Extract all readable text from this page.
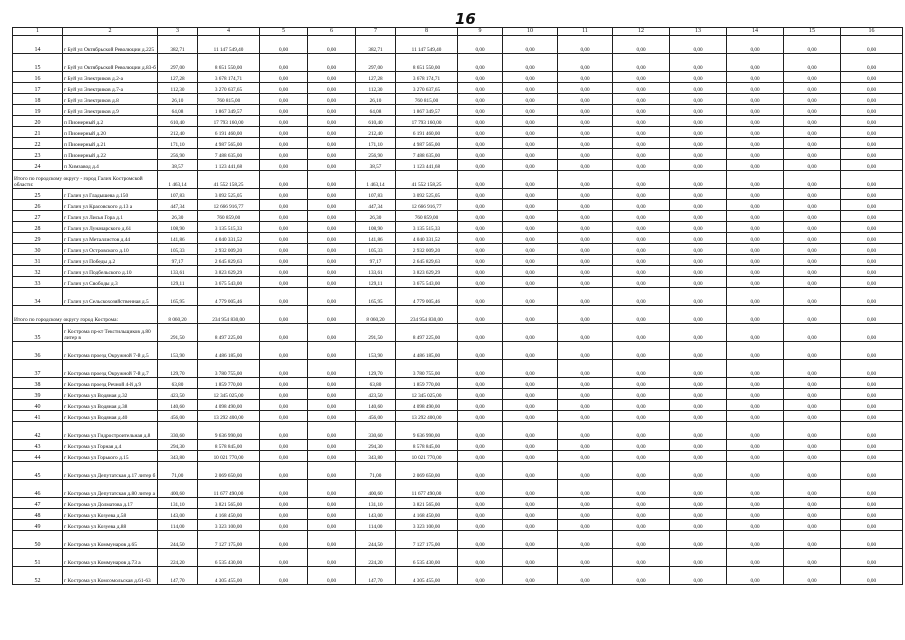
16
1	2	3	4	5	6	7	8	9	10	11	12	13	14	15	16
14	г Буй ул Октябрьской Революции д.225	382,71	11 147 549,40	0,00	0,00	382,71	11 147 549,40	0,00	0,00	0,00	0,00	0,00	0,00	0,00	0,00
15	г Буй ул Октябрьской Революции д.83-б	297,00	8 651 550,00	0,00	0,00	297,00	8 651 550,00	0,00	0,00	0,00	0,00	0,00	0,00	0,00	0,00
16	г Буй ул Электриков д.2-а	127,28	3 678 174,71	0,00	0,00	127,28	3 678 174,71	0,00	0,00	0,00	0,00	0,00	0,00	0,00	0,00
17	г Буй ул Электриков д.7-а	112,30	3 270 637,65	0,00	0,00	112,30	3 270 637,65	0,00	0,00	0,00	0,00	0,00	0,00	0,00	0,00
18	г Буй ул Электриков д.8	26,10	760 815,00	0,00	0,00	26,10	760 815,00	0,00	0,00	0,00	0,00	0,00	0,00	0,00	0,00
19	г Буй ул Электриков д.9	64,08	1 867 349,57	0,00	0,00	64,08	1 867 349,57	0,00	0,00	0,00	0,00	0,00	0,00	0,00	0,00
20	п Пионерный д.2	610,40	17 793 160,00	0,00	0,00	610,40	17 793 160,00	0,00	0,00	0,00	0,00	0,00	0,00	0,00	0,00
21	п Пионерный д.20	212,40	6 191 460,00	0,00	0,00	212,40	6 191 460,00	0,00	0,00	0,00	0,00	0,00	0,00	0,00	0,00
22	п Пионерный д.21	171,10	4 987 565,00	0,00	0,00	171,10	4 987 565,00	0,00	0,00	0,00	0,00	0,00	0,00	0,00	0,00
23	п Пионерный д.22	256,90	7 488 635,00	0,00	0,00	256,90	7 488 635,00	0,00	0,00	0,00	0,00	0,00	0,00	0,00	0,00
24	п Химзавод д.4	38,57	1 123 441,68	0,00	0,00	38,57	1 123 441,68	0,00	0,00	0,00	0,00	0,00	0,00	0,00	0,00
Итого по городскому округу - город Галич Костромской области:		1 463,14	41 552 158,25	0,00	0,00	1 463,14	41 552 158,25	0,00	0,00	0,00	0,00	0,00	0,00	0,00	0,00
25	г Галич ул Гладышева д.150	107,83	3 092 525,05	0,00	0,00	107,83	3 092 525,05	0,00	0,00	0,00	0,00	0,00	0,00	0,00	0,00
26	г Галич ул Красовского д.13 а	447,34	12 666 916,77	0,00	0,00	447,34	12 666 916,77	0,00	0,00	0,00	0,00	0,00	0,00	0,00	0,00
27	г Галич ул Лисья Гора д.1	26,30	760 859,00	0,00	0,00	26,30	760 859,00	0,00	0,00	0,00	0,00	0,00	0,00	0,00	0,00
28	г Галич ул Луначарского д.61	108,90	3 135 515,33	0,00	0,00	108,90	3 135 515,33	0,00	0,00	0,00	0,00	0,00	0,00	0,00	0,00
29	г Галич ул Металлистов д.44	141,86	4 040 331,52	0,00	0,00	141,86	4 040 331,52	0,00	0,00	0,00	0,00	0,00	0,00	0,00	0,00
30	г Галич ул Островского д.10	105,33	2 932 009,20	0,00	0,00	105,33	2 932 009,20	0,00	0,00	0,00	0,00	0,00	0,00	0,00	0,00
31	г Галич ул Победы д.2	97,17	2 645 829,63	0,00	0,00	97,17	2 645 829,63	0,00	0,00	0,00	0,00	0,00	0,00	0,00	0,00
32	г Галич ул Подбельского д.10	133,61	3 823 629,29	0,00	0,00	133,61	3 823 629,29	0,00	0,00	0,00	0,00	0,00	0,00	0,00	0,00
33	г Галич ул Свободы д.3	129,11	3 675 543,00	0,00	0,00	129,11	3 675 543,00	0,00	0,00	0,00	0,00	0,00	0,00	0,00	0,00
34	г Галич ул Сельскохозяйственная д.5	165,95	4 779 005,46	0,00	0,00	165,95	4 779 005,46	0,00	0,00	0,00	0,00	0,00	0,00	0,00	0,00
Итого по городскому округу город Кострома:		8 060,20	234 954 830,00	0,00	0,00	8 060,20	234 954 830,00	0,00	0,00	0,00	0,00	0,00	0,00	0,00	0,00
35	г Кострома пр-кт Текстильщиков д.80 литер в	291,50	8 497 225,00	0,00	0,00	291,50	8 497 225,00	0,00	0,00	0,00	0,00	0,00	0,00	0,00	0,00
36	г Кострома проезд Окружной 7-й д.5	153,90	4 486 185,00	0,00	0,00	153,90	4 486 185,00	0,00	0,00	0,00	0,00	0,00	0,00	0,00	0,00
37	г Кострома проезд Окружной 7-й д.7	129,70	3 780 755,00	0,00	0,00	129,70	3 780 755,00	0,00	0,00	0,00	0,00	0,00	0,00	0,00	0,00
38	г Кострома проезд Речной 4-й д.9	63,80	1 859 770,00	0,00	0,00	63,80	1 859 770,00	0,00	0,00	0,00	0,00	0,00	0,00	0,00	0,00
39	г Кострома ул Водяная д.32	423,50	12 345 025,00	0,00	0,00	423,50	12 345 025,00	0,00	0,00	0,00	0,00	0,00	0,00	0,00	0,00
40	г Кострома ул Водяная д.38	140,60	4 098 490,00	0,00	0,00	140,60	4 098 490,00	0,00	0,00	0,00	0,00	0,00	0,00	0,00	0,00
41	г Кострома ул Водяная д.40	456,00	13 292 400,00	0,00	0,00	456,00	13 292 400,00	0,00	0,00	0,00	0,00	0,00	0,00	0,00	0,00
42	г Кострома ул Гидростроительная д.8	330,60	9 636 990,00	0,00	0,00	330,60	9 636 990,00	0,00	0,00	0,00	0,00	0,00	0,00	0,00	0,00
43	г Кострома ул Горная д.4	294,30	8 578 845,00	0,00	0,00	294,30	8 578 845,00	0,00	0,00	0,00	0,00	0,00	0,00	0,00	0,00
44	г Кострома ул Горького д.15	343,80	10 021 770,00	0,00	0,00	343,80	10 021 770,00	0,00	0,00	0,00	0,00	0,00	0,00	0,00	0,00
45	г Кострома ул Депутатская д.17 литер б	71,00	2 069 650,00	0,00	0,00	71,00	2 069 650,00	0,00	0,00	0,00	0,00	0,00	0,00	0,00	0,00
46	г Кострома ул Депутатская д.80 литер а	400,60	11 677 490,00	0,00	0,00	400,60	11 677 490,00	0,00	0,00	0,00	0,00	0,00	0,00	0,00	0,00
47	г Кострома ул Долматова д.17	131,10	3 821 565,00	0,00	0,00	131,10	3 821 565,00	0,00	0,00	0,00	0,00	0,00	0,00	0,00	0,00
48	г Кострома ул Козуева д.58	143,00	4 168 450,00	0,00	0,00	143,00	4 168 450,00	0,00	0,00	0,00	0,00	0,00	0,00	0,00	0,00
49	г Кострома ул Козуева д.88	114,00	3 323 100,00	0,00	0,00	114,00	3 323 100,00	0,00	0,00	0,00	0,00	0,00	0,00	0,00	0,00
50	г Кострома ул Коммунаров д.65	244,50	7 127 175,00	0,00	0,00	244,50	7 127 175,00	0,00	0,00	0,00	0,00	0,00	0,00	0,00	0,00
51	г Кострома ул Коммунаров д.73 а	224,20	6 535 430,00	0,00	0,00	224,20	6 535 430,00	0,00	0,00	0,00	0,00	0,00	0,00	0,00	0,00
52	г Кострома ул Комсомольская д.61-63	147,70	4 305 455,00	0,00	0,00	147,70	4 305 455,00	0,00	0,00	0,00	0,00	0,00	0,00	0,00	0,00
